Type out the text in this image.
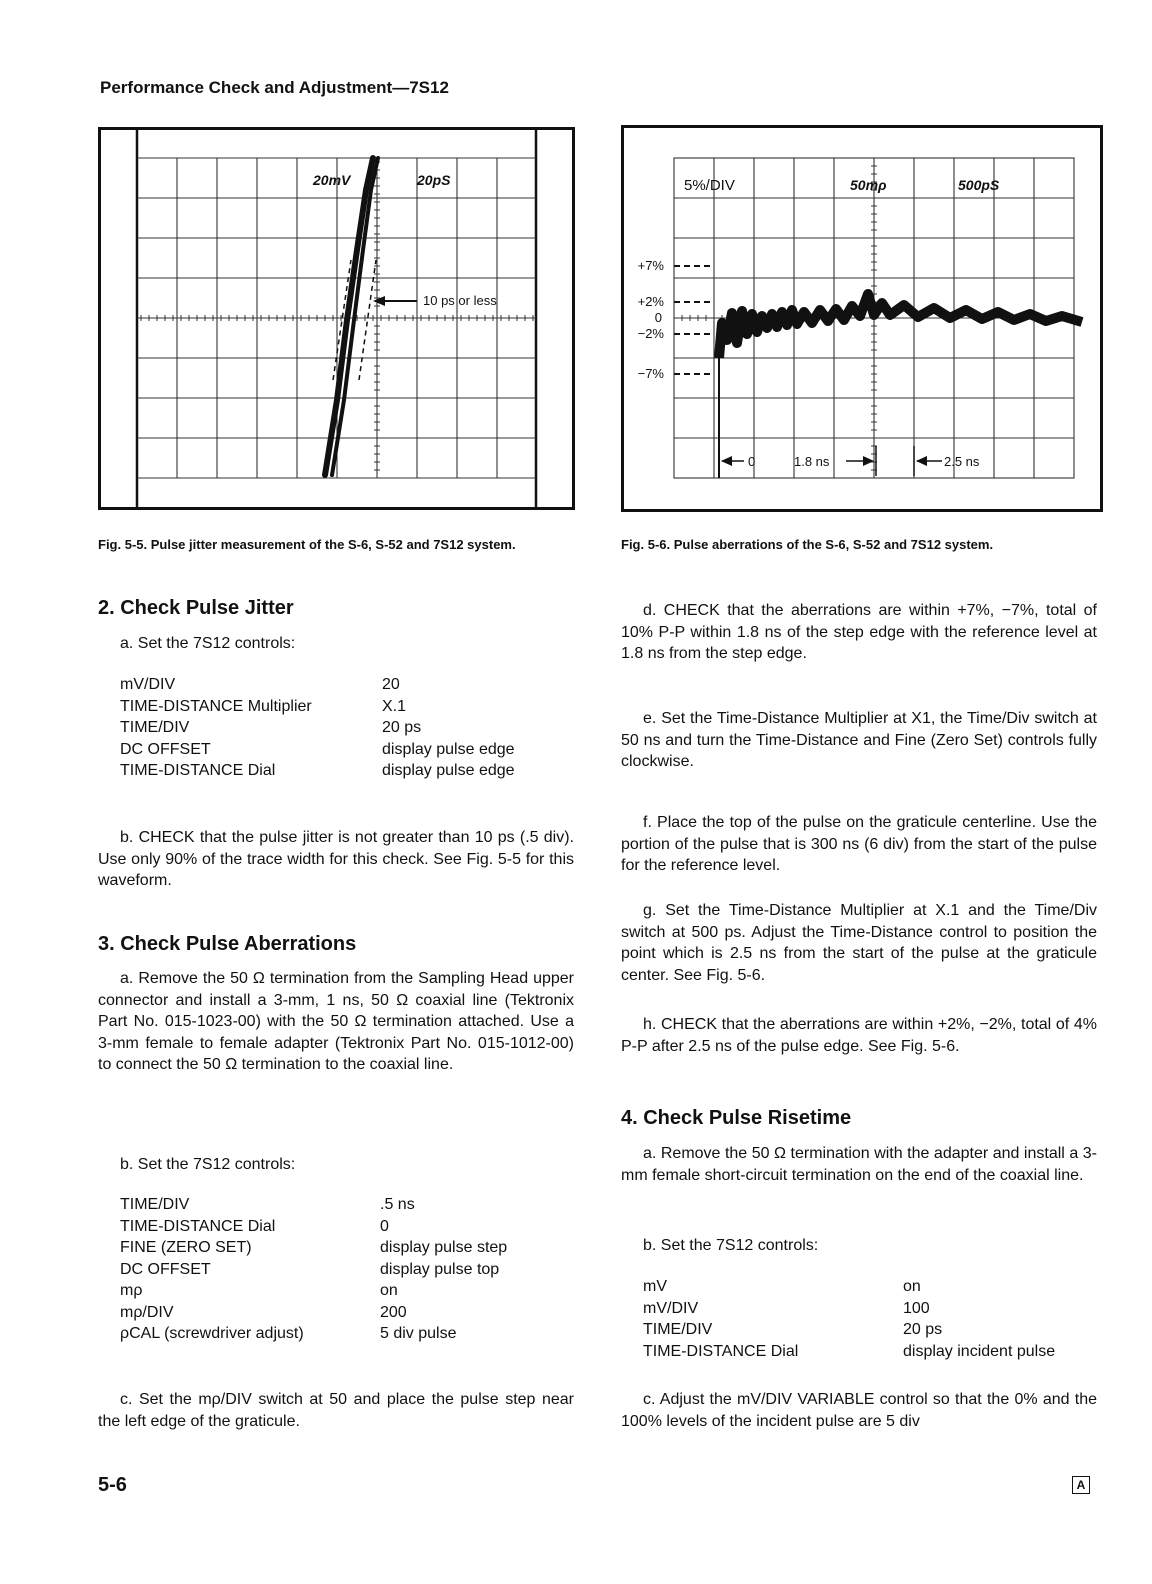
Performance Check and Adjustment—7S12
20mV	20pS
10 ps or less
Fig. 5-5. Pulse jitter measurement of the S-6, S-52 and 7S12 system.
5%/DIV	50mρ	500pS
+7%
+2%
0
−2%
−7%
0	1.8 ns	2.5 ns
Fig. 5-6. Pulse aberrations of the S-6, S-52 and 7S12 system.
2. Check Pulse Jitter
a. Set the 7S12 controls:
mV/DIV	20
TIME-DISTANCE Multiplier	X.1
TIME/DIV	20 ps
DC OFFSET	display pulse edge
TIME-DISTANCE Dial	display pulse edge
b. CHECK that the pulse jitter is not greater than 10 ps (.5 div). Use only 90% of the trace width for this check. See Fig. 5-5 for this waveform.
3. Check Pulse Aberrations
a. Remove the 50 Ω termination from the Sampling Head upper connector and install a 3-mm, 1 ns, 50 Ω coaxial line (Tektronix Part No. 015-1023-00) with the 50 Ω termination attached. Use a 3-mm female to female adapter (Tektronix Part No. 015-1012-00) to connect the 50 Ω termination to the coaxial line.
b. Set the 7S12 controls:
TIME/DIV	.5 ns
TIME-DISTANCE Dial	0
FINE (ZERO SET)	display pulse step
DC OFFSET	display pulse top
mρ	on
mρ/DIV	200
ρCAL (screwdriver adjust)	5 div pulse
c. Set the mρ/DIV switch at 50 and place the pulse step near the left edge of the graticule.
d. CHECK that the aberrations are within +7%, −7%, total of 10% P-P within 1.8 ns of the step edge with the reference level at 1.8 ns from the step edge.
e. Set the Time-Distance Multiplier at X1, the Time/Div switch at 50 ns and turn the Time-Distance and Fine (Zero Set) controls fully clockwise.
f. Place the top of the pulse on the graticule centerline. Use the portion of the pulse that is 300 ns (6 div) from the start of the pulse for the reference level.
g. Set the Time-Distance Multiplier at X.1 and the Time/Div switch at 500 ps. Adjust the Time-Distance control to position the point which is 2.5 ns from the start of the pulse at the graticule center. See Fig. 5-6.
h. CHECK that the aberrations are within +2%, −2%, total of 4% P-P after 2.5 ns of the pulse edge. See Fig. 5-6.
4. Check Pulse Risetime
a. Remove the 50 Ω termination with the adapter and install a 3-mm female short-circuit termination on the end of the coaxial line.
b. Set the 7S12 controls:
mV	on
mV/DIV	100
TIME/DIV	20 ps
TIME-DISTANCE Dial	display incident pulse
c. Adjust the mV/DIV VARIABLE control so that the 0% and the 100% levels of the incident pulse are 5 div
5-6	A
